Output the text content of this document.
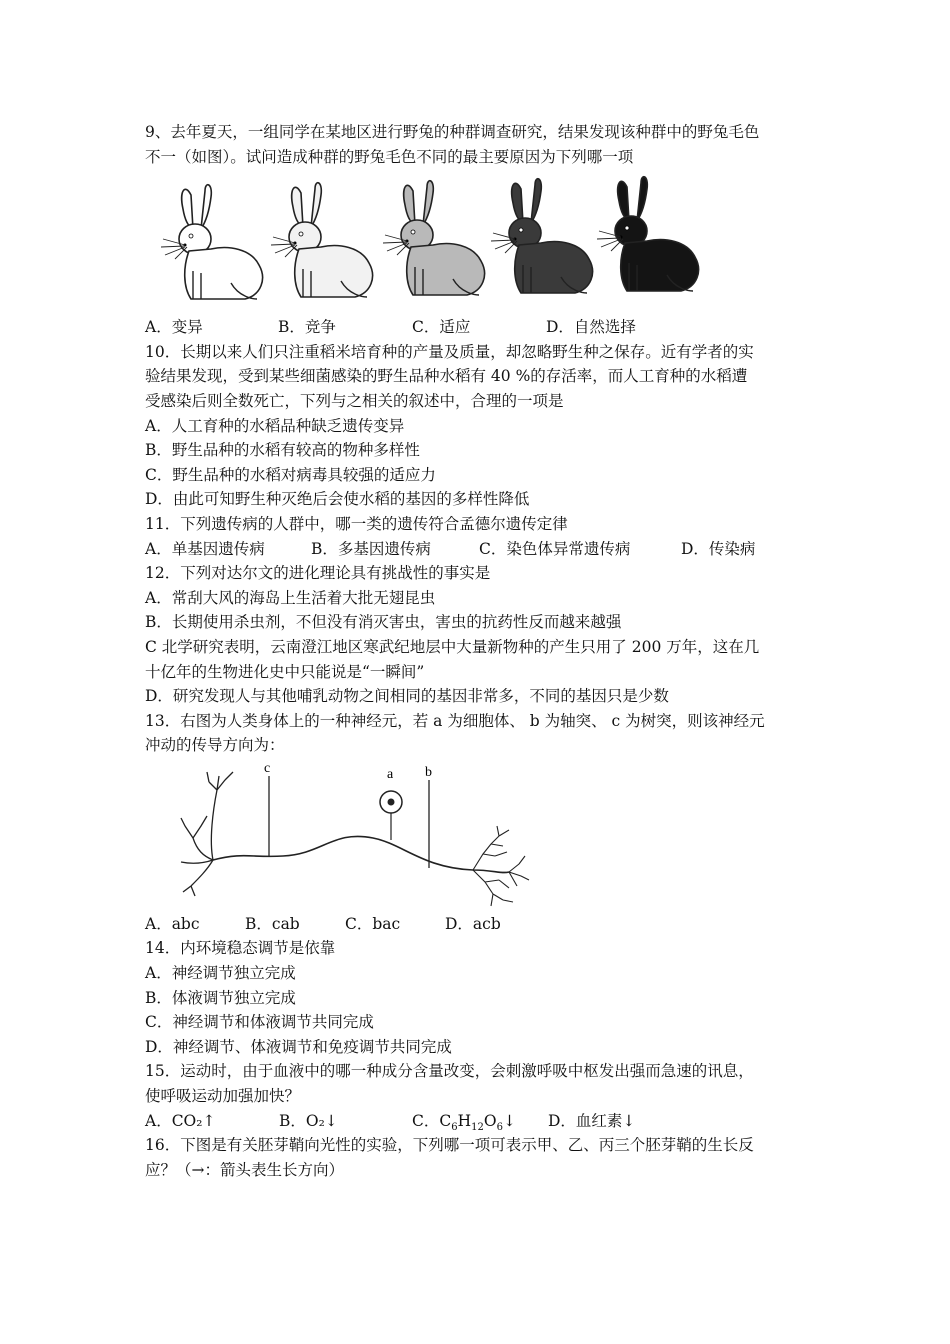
9、去年夏天，一组同学在某地区进行野兔的种群调查研究，结果发现该种群中的野兔毛色
不一（如图）。试问造成种群的野兔毛色不同的最主要原因为下列哪一项
A．变异	B．竞争	C．适应	D．自然选择
10．长期以来人们只注重稻米培育种的产量及质量，却忽略野生种之保存。近有学者的实
验结果发现，受到某些细菌感染的野生品种水稻有 40 %的存活率，而人工育种的水稻遭
受感染后则全数死亡，下列与之相关的叙述中，合理的一项是
A．人工育种的水稻品种缺乏遗传变异
B．野生品种的水稻有较高的物种多样性
C．野生品种的水稻对病毒具较强的适应力
D．由此可知野生种灭绝后会使水稻的基因的多样性降低
11．下列遗传病的人群中，哪一类的遗传符合孟德尔遗传定律
A．单基因遗传病	B．多基因遗传病	C．染色体异常遗传病	D．传染病
12．下列对达尔文的进化理论具有挑战性的事实是
A．常刮大风的海岛上生活着大批无翅昆虫
B．长期使用杀虫剂，不但没有消灭害虫，害虫的抗药性反而越来越强
C 北学研究表明，云南澄江地区寒武纪地层中大量新物种的产生只用了 200 万年，这在几
十亿年的生物进化史中只能说是“一瞬间”
D．研究发现人与其他哺乳动物之间相同的基因非常多，不同的基因只是少数
13．右图为人类身体上的一种神经元，若 a 为细胞体、 b 为轴突、 c 为树突，则该神经元
冲动的传导方向为：
c	a b
A．abc	B．cab	C．bac	D．acb
14．内环境稳态调节是依靠
A．神经调节独立完成
B．体液调节独立完成
C．神经调节和体液调节共同完成
D．神经调节、体液调节和免疫调节共同完成
15．运动时，由于血液中的哪一种成分含量改变，会刺激呼吸中枢发出强而急速的讯息，
使呼吸运动加强加快？
A．CO₂↑	B．O₂↓	C．$C_6H_{12}O_6↓$	D．血红素↓
16．下图是有关胚芽鞘向光性的实验，下列哪一项可表示甲、乙、丙三个胚芽鞘的生长反
应？（→：箭头表生长方向）
